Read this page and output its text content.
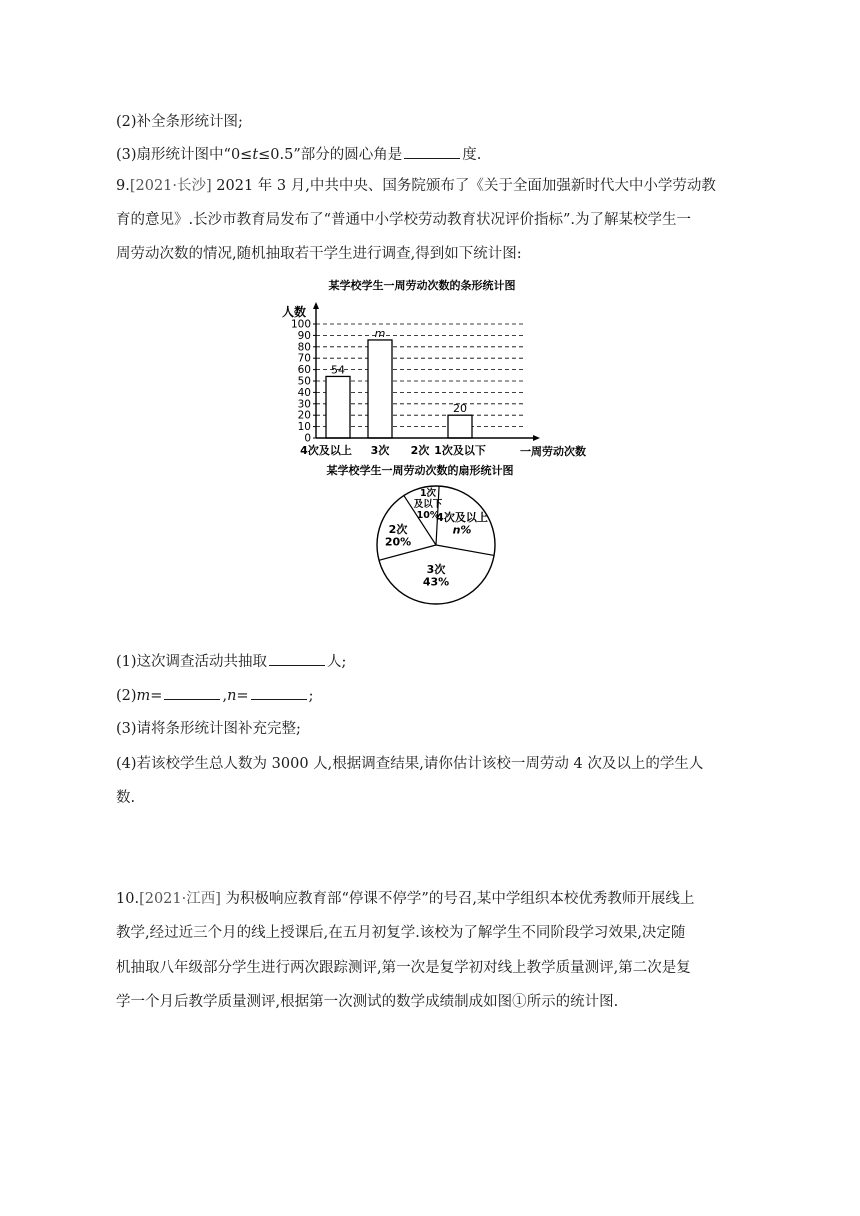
(2)补全条形统计图;
(3)扇形统计图中“0≤t≤0.5”部分的圆心角是	度.
9.[2021·长沙] 2021 年 3 月,中共中央、国务院颁布了《关于全面加强新时代大中小学劳动教
育的意见》.长沙市教育局发布了“普通中小学校劳动教育状况评价指标”.为了解某校学生一
周劳动次数的情况,随机抽取若干学生进行调查,得到如下统计图:
某学校学生一周劳动次数的条形统计图
人数
0
10
20
30
40
50
60
70
80
90
100
54
m
20
4次及以上 3次 2次 1次及以下	一周劳动次数
某学校学生一周劳动次数的扇形统计图
4次及以上
n%
3次
43%
2次
20%
1次
及以下
10%
(1)这次调查活动共抽取	人;
(2)m=	,n=	;
(3)请将条形统计图补充完整;
(4)若该校学生总人数为 3000 人,根据调查结果,请你估计该校一周劳动 4 次及以上的学生人
数.
10.[2021·江西] 为积极响应教育部“停课不停学”的号召,某中学组织本校优秀教师开展线上
教学,经过近三个月的线上授课后,在五月初复学.该校为了解学生不同阶段学习效果,决定随
机抽取八年级部分学生进行两次跟踪测评,第一次是复学初对线上教学质量测评,第二次是复
学一个月后教学质量测评,根据第一次测试的数学成绩制成如图①所示的统计图.
